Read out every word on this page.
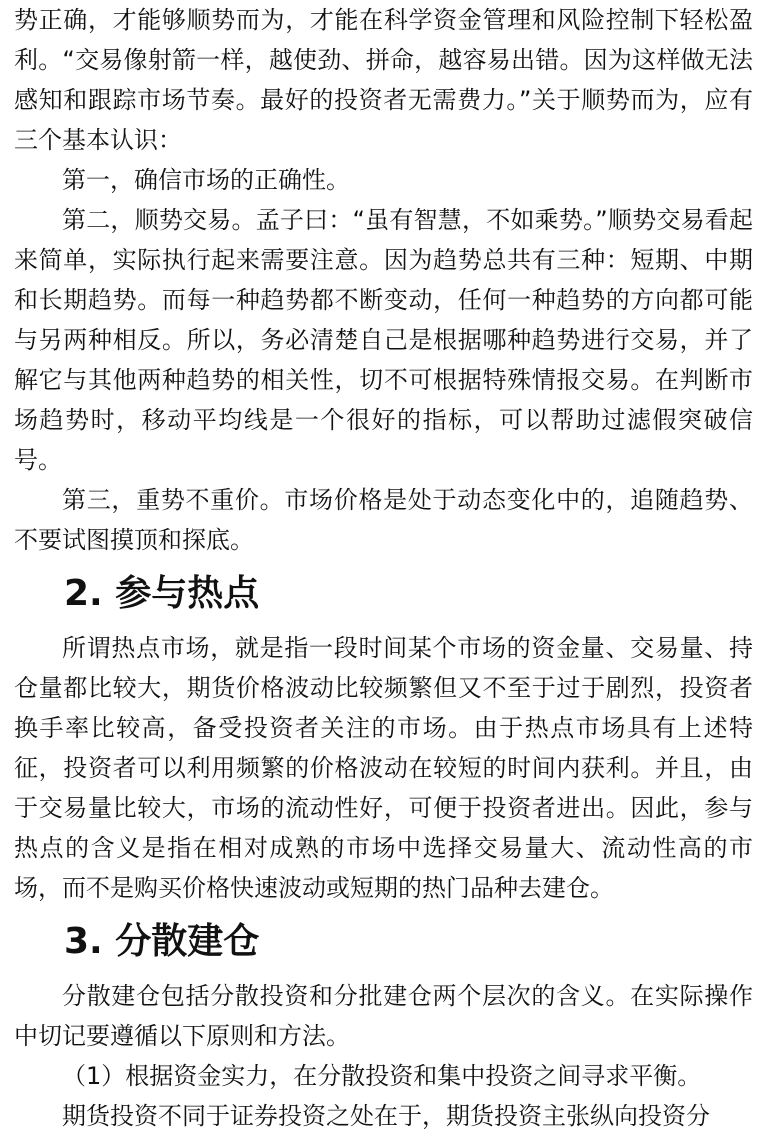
势正确，才能够顺势而为，才能在科学资金管理和风险控制下轻松盈利。“交易像射箭一样，越使劲、拼命，越容易出错。因为这样做无法感知和跟踪市场节奏。最好的投资者无需费力。”关于顺势而为，应有三个基本认识：

第一，确信市场的正确性。

第二，顺势交易。孟子曰：“虽有智慧，不如乘势。”顺势交易看起来简单，实际执行起来需要注意。因为趋势总共有三种：短期、中期和长期趋势。而每一种趋势都不断变动，任何一种趋势的方向都可能与另两种相反。所以，务必清楚自己是根据哪种趋势进行交易，并了解它与其他两种趋势的相关性，切不可根据特殊情报交易。在判断市场趋势时，移动平均线是一个很好的指标，可以帮助过滤假突破信号。

第三，重势不重价。市场价格是处于动态变化中的，追随趋势、不要试图摸顶和探底。

2. 参与热点

所谓热点市场，就是指一段时间某个市场的资金量、交易量、持仓量都比较大，期货价格波动比较频繁但又不至于过于剧烈，投资者换手率比较高，备受投资者关注的市场。由于热点市场具有上述特征，投资者可以利用频繁的价格波动在较短的时间内获利。并且，由于交易量比较大，市场的流动性好，可便于投资者进出。因此，参与热点的含义是指在相对成熟的市场中选择交易量大、流动性高的市场，而不是购买价格快速波动或短期的热门品种去建仓。

3. 分散建仓

分散建仓包括分散投资和分批建仓两个层次的含义。在实际操作中切记要遵循以下原则和方法。

（1）根据资金实力，在分散投资和集中投资之间寻求平衡。

期货投资不同于证券投资之处在于，期货投资主张纵向投资分
